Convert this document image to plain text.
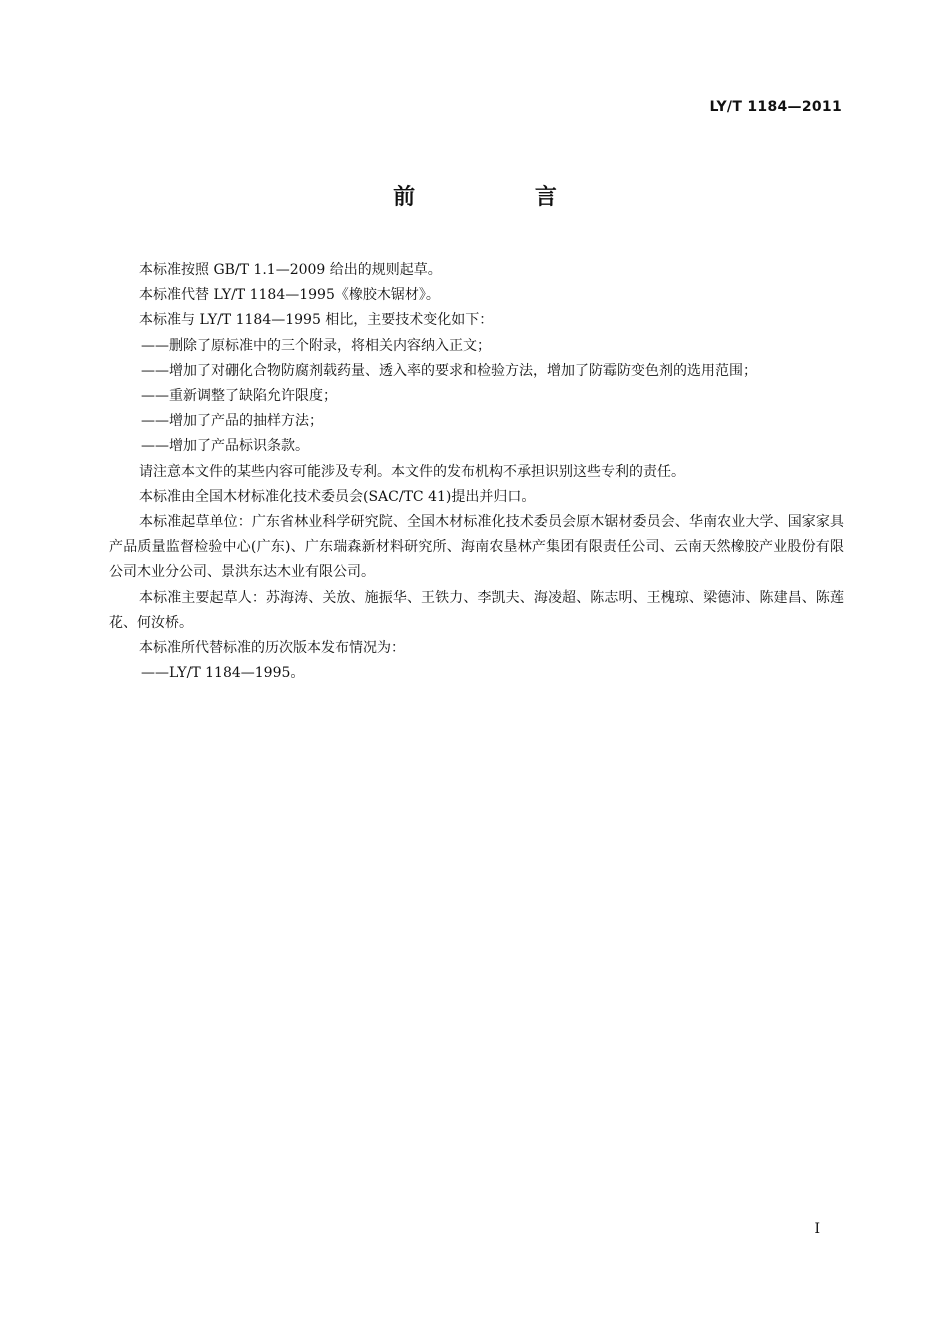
LY/T 1184—2011
前 言

本标准按照 GB/T 1.1—2009 给出的规则起草。

本标准代替 LY/T 1184—1995《橡胶木锯材》。

本标准与 LY/T 1184—1995 相比，主要技术变化如下：

——删除了原标准中的三个附录，将相关内容纳入正文；

——增加了对硼化合物防腐剂载药量、透入率的要求和检验方法，增加了防霉防变色剂的选用范围；

——重新调整了缺陷允许限度；

——增加了产品的抽样方法；

——增加了产品标识条款。

请注意本文件的某些内容可能涉及专利。本文件的发布机构不承担识别这些专利的责任。

本标准由全国木材标准化技术委员会(SAC/TC 41)提出并归口。

本标准起草单位：广东省林业科学研究院、全国木材标准化技术委员会原木锯材委员会、华南农业大学、国家家具产品质量监督检验中心(广东)、广东瑞森新材料研究所、海南农垦林产集团有限责任公司、云南天然橡胶产业股份有限公司木业分公司、景洪东达木业有限公司。

本标准主要起草人：苏海涛、关放、施振华、王铁力、李凯夫、海凌超、陈志明、王槐琼、梁德沛、陈建昌、陈莲花、何汝桥。

本标准所代替标准的历次版本发布情况为：

——LY/T 1184—1995。

I
